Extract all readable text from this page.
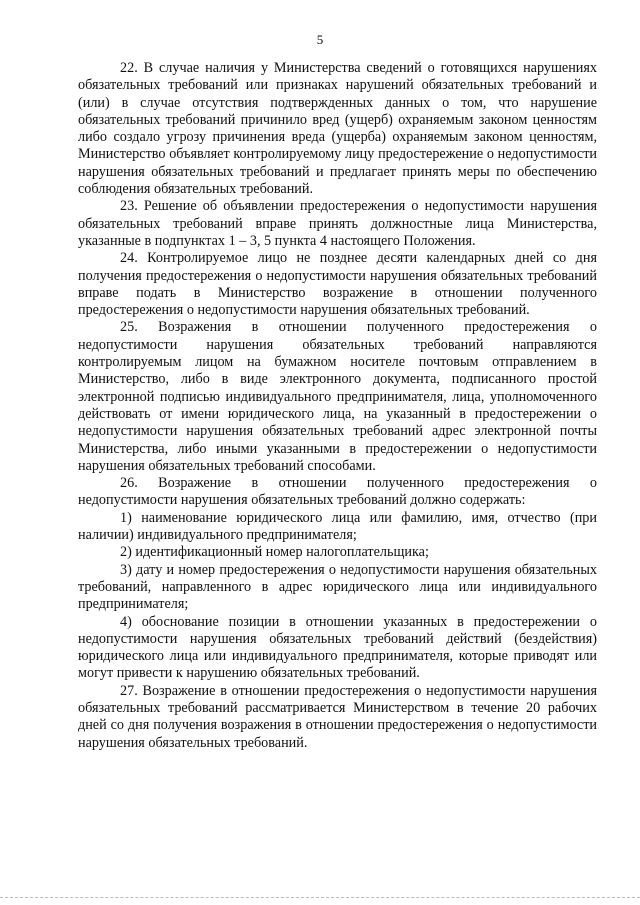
5

22. В случае наличия у Министерства сведений о готовящихся нарушениях обязательных требований или признаках нарушений обязательных требований и (или) в случае отсутствия подтвержденных данных о том, что нарушение обязательных требований причинило вред (ущерб) охраняемым законом ценностям либо создало угрозу причинения вреда (ущерба) охраняемым законом ценностям, Министерство объявляет контролируемому лицу предостережение о недопустимости нарушения обязательных требований и предлагает принять меры по обеспечению соблюдения обязательных требований.

23. Решение об объявлении предостережения о недопустимости нарушения обязательных требований вправе принять должностные лица Министерства, указанные в подпунктах 1 – 3, 5 пункта 4 настоящего Положения.

24. Контролируемое лицо не позднее десяти календарных дней со дня получения предостережения о недопустимости нарушения обязательных требований вправе подать в Министерство возражение в отношении полученного предостережения о недопустимости нарушения обязательных требований.

25. Возражения в отношении полученного предостережения о недопустимости нарушения обязательных требований направляются контролируемым лицом на бумажном носителе почтовым отправлением в Министерство, либо в виде электронного документа, подписанного простой электронной подписью индивидуального предпринимателя, лица, уполномоченного действовать от имени юридического лица, на указанный в предостережении о недопустимости нарушения обязательных требований адрес электронной почты Министерства, либо иными указанными в предостережении о недопустимости нарушения обязательных требований способами.

26. Возражение в отношении полученного предостережения о недопустимости нарушения обязательных требований должно содержать:

1) наименование юридического лица или фамилию, имя, отчество (при наличии) индивидуального предпринимателя;

2) идентификационный номер налогоплательщика;

3) дату и номер предостережения о недопустимости нарушения обязательных требований, направленного в адрес юридического лица или индивидуального предпринимателя;

4) обоснование позиции в отношении указанных в предостережении о недопустимости нарушения обязательных требований действий (бездействия) юридического лица или индивидуального предпринимателя, которые приводят или могут привести к нарушению обязательных требований.

27. Возражение в отношении предостережения о недопустимости нарушения обязательных требований рассматривается Министерством в течение 20 рабочих дней со дня получения возражения в отношении предостережения о недопустимости нарушения обязательных требований.
